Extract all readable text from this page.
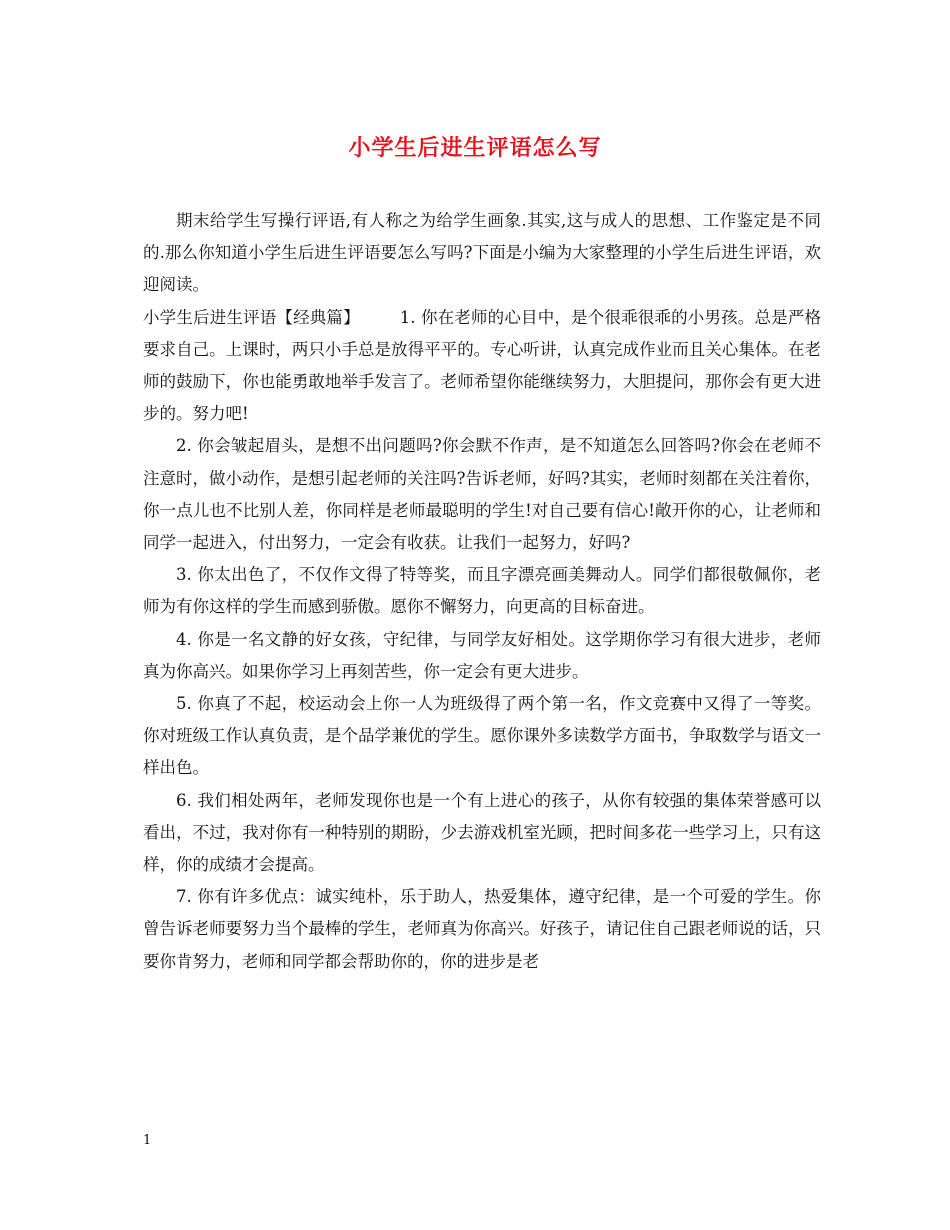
小学生后进生评语怎么写

期末给学生写操行评语,有人称之为给学生画象.其实,这与成人的思想、工作鉴定是不同的.那么你知道小学生后进生评语要怎么写吗?下面是小编为大家整理的小学生后进生评语，欢迎阅读。

小学生后进生评语【经典篇】 1. 你在老师的心目中，是个很乖很乖的小男孩。总是严格要求自己。上课时，两只小手总是放得平平的。专心听讲，认真完成作业而且关心集体。在老师的鼓励下，你也能勇敢地举手发言了。老师希望你能继续努力，大胆提问，那你会有更大进步的。努力吧!

2. 你会皱起眉头，是想不出问题吗?你会默不作声，是不知道怎么回答吗?你会在老师不注意时，做小动作，是想引起老师的关注吗?告诉老师，好吗?其实，老师时刻都在关注着你，你一点儿也不比别人差，你同样是老师最聪明的学生!对自己要有信心!敞开你的心，让老师和同学一起进入，付出努力，一定会有收获。让我们一起努力，好吗?

3. 你太出色了，不仅作文得了特等奖，而且字漂亮画美舞动人。同学们都很敬佩你，老师为有你这样的学生而感到骄傲。愿你不懈努力，向更高的目标奋进。

4. 你是一名文静的好女孩，守纪律，与同学友好相处。这学期你学习有很大进步，老师真为你高兴。如果你学习上再刻苦些，你一定会有更大进步。

5. 你真了不起，校运动会上你一人为班级得了两个第一名，作文竞赛中又得了一等奖。你对班级工作认真负责，是个品学兼优的学生。愿你课外多读数学方面书，争取数学与语文一样出色。

6. 我们相处两年，老师发现你也是一个有上进心的孩子，从你有较强的集体荣誉感可以看出，不过，我对你有一种特别的期盼，少去游戏机室光顾，把时间多花一些学习上，只有这样，你的成绩才会提高。

7. 你有许多优点：诚实纯朴，乐于助人，热爱集体，遵守纪律，是一个可爱的学生。你曾告诉老师要努力当个最棒的学生，老师真为你高兴。好孩子，请记住自己跟老师说的话，只要你肯努力，老师和同学都会帮助你的，你的进步是老

1
